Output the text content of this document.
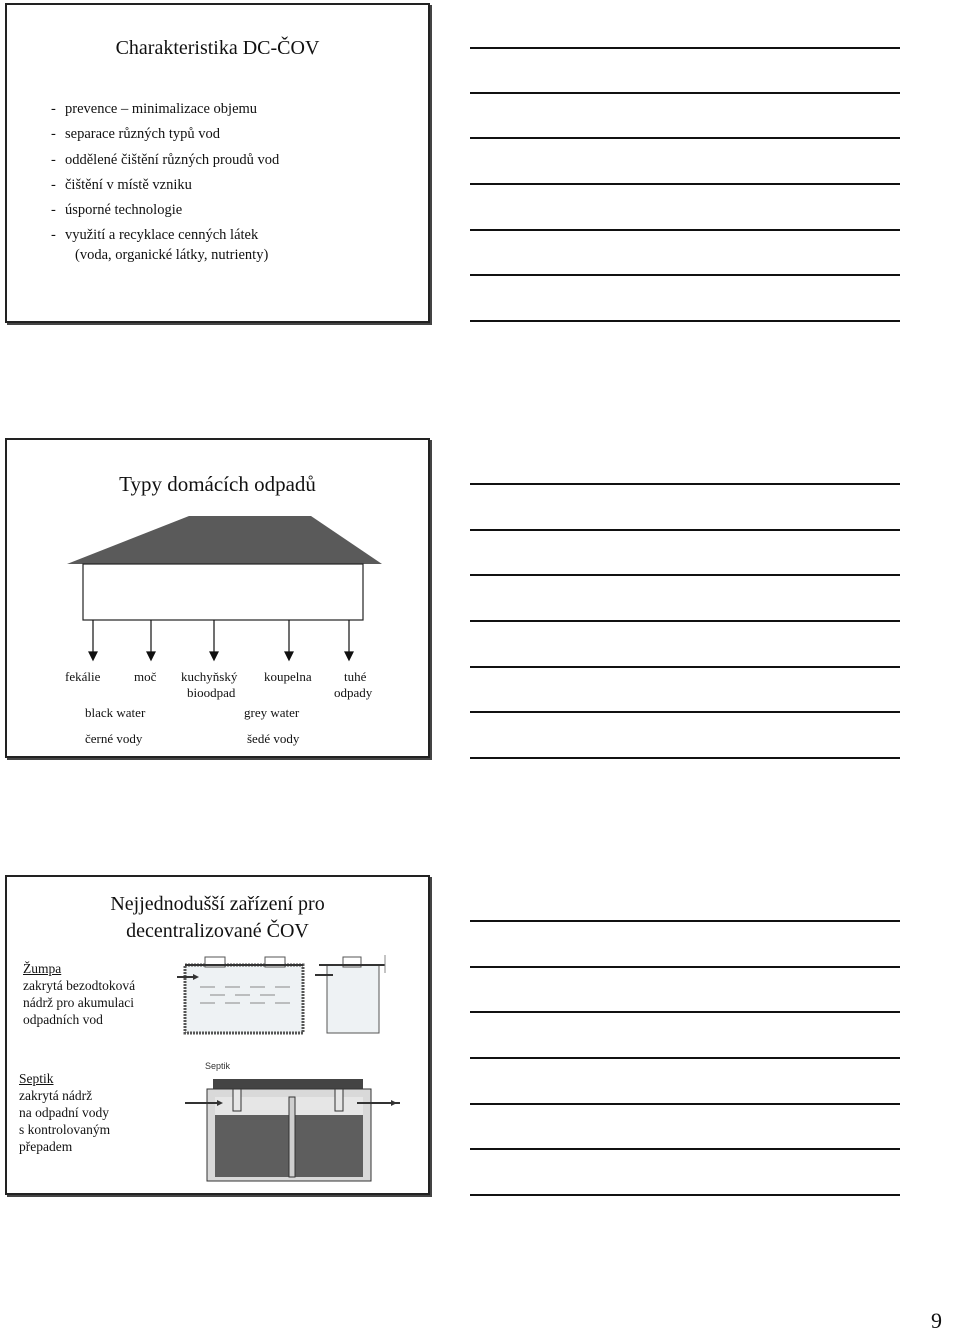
Charakteristika DC-ČOV
- prevence – minimalizace objemu
- separace různých typů vod
- oddělené čištění různých proudů vod
- čištění v místě vzniku
- úsporné technologie
- využití a recyklace cenných látek
(voda, organické látky, nutrienty)
Typy domácích odpadů
fekálie	moč kuchyňský
bioodpad
koupelna tuhé
odpady
black water	grey water
černé vody	šedé vody
Nejjednodušší zařízení pro
decentralizované ČOV
Žumpa
zakrytá bezodtoková
nádrž pro akumulaci
odpadních vod
Septik
zakrytá nádrž
na odpadní vody
s kontrolovaným
přepadem
Septik
9
